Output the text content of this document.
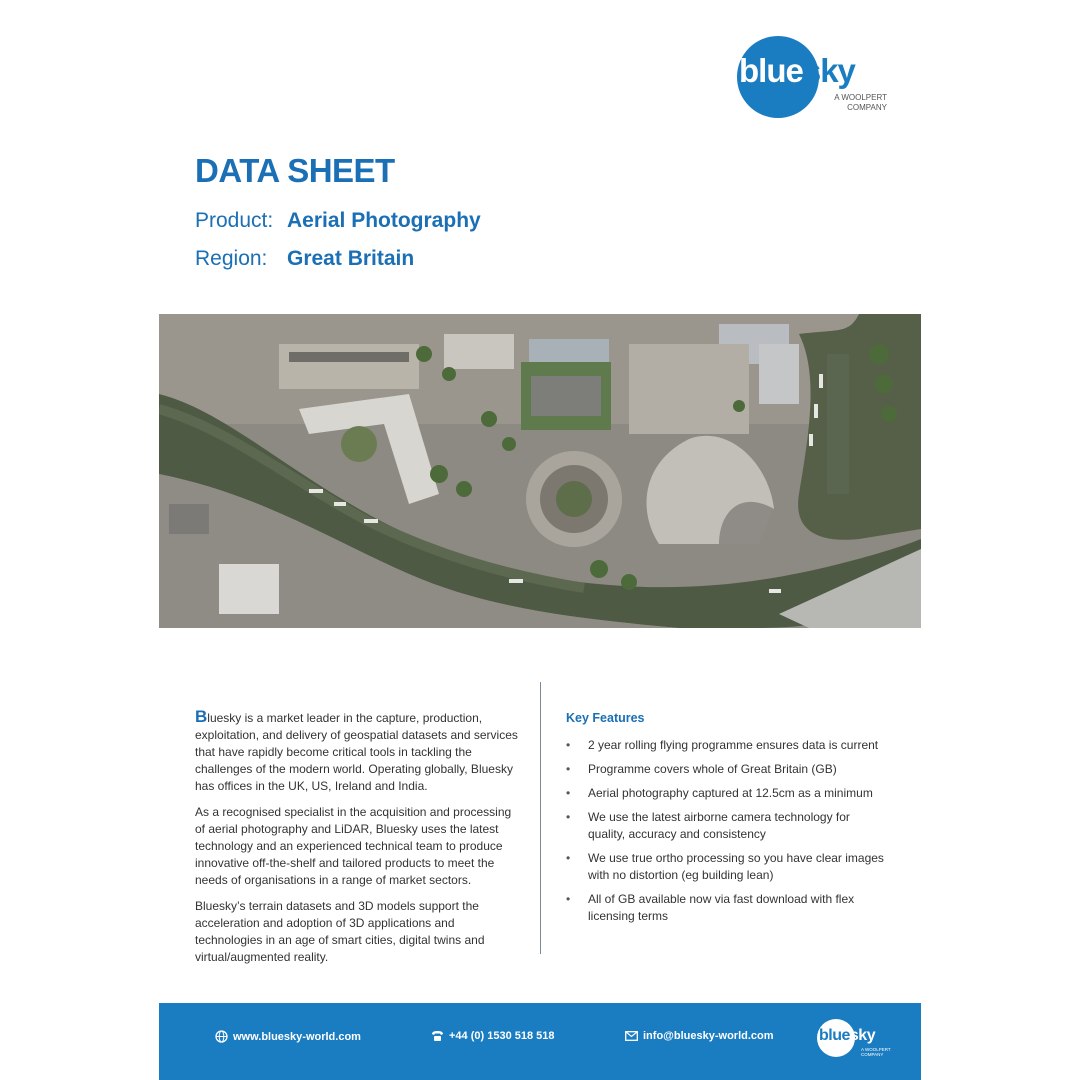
bluesky
A WOOLPERT
COMPANY
DATA SHEET
Product: Aerial Photography
Region: Great Britain

Bluesky is a market leader in the capture, production, exploitation, and delivery of geospatial datasets and services that have rapidly become critical tools in tackling the challenges of the modern world. Operating globally, Bluesky has offices in the UK, US, Ireland and India.

As a recognised specialist in the acquisition and processing of aerial photography and LiDAR, Bluesky uses the latest technology and an experienced technical team to produce innovative off-the-shelf and tailored products to meet the needs of organisations in a range of market sectors.

Bluesky’s terrain datasets and 3D models support the acceleration and adoption of 3D applications and technologies in an age of smart cities, digital twins and virtual/augmented reality.

Key Features
• 2 year rolling flying programme ensures data is current
• Programme covers whole of Great Britain (GB)
• Aerial photography captured at 12.5cm as a minimum
• We use the latest airborne camera technology for quality, accuracy and consistency
• We use true ortho processing so you have clear images with no distortion (eg building lean)
• All of GB available now via fast download with flex licensing terms
www.bluesky-world.com	+44 (0) 1530 518 518	info@bluesky-world.com	bluesky
A WOOLPERT
COMPANY
